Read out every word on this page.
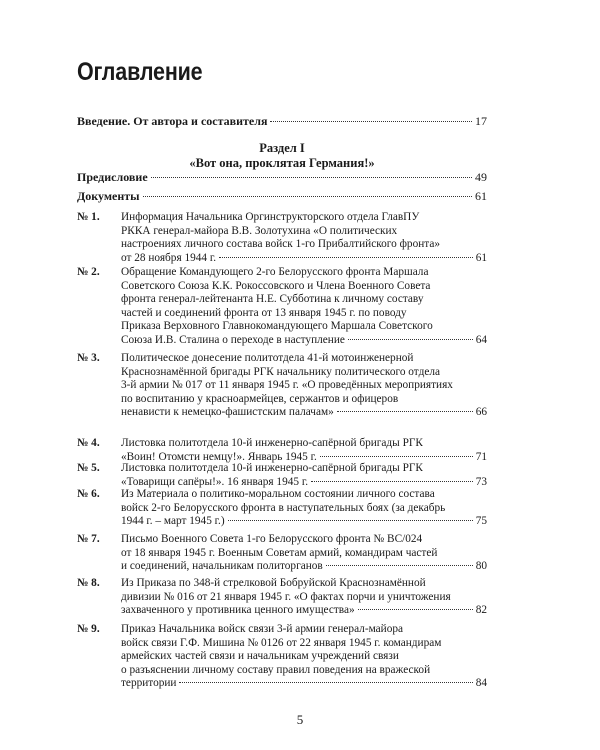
Оглавление
Введение. От автора и составителя	17
Раздел I
«Вот она, проклятая Германия!»
Предисловие	49
Документы	61
№ 1. Информация Начальника Оргинструкторского отдела ГлавПУ
РККА генерал-майора В.В. Золотухина «О политических
настроениях личного состава войск 1-го Прибалтийского фронта»
от 28 ноября 1944 г.	61
№ 2. Обращение Командующего 2-го Белорусского фронта Маршала
Советского Союза К.К. Рокоссовского и Члена Военного Совета
фронта генерал-лейтенанта Н.Е. Субботина к личному составу
частей и соединений фронта от 13 января 1945 г. по поводу
Приказа Верховного Главнокомандующего Маршала Советского
Союза И.В. Сталина о переходе в наступление	64
№ 3. Политическое донесение политотдела 41-й мотоинженерной
Краснознамённой бригады РГК начальнику политического отдела
3-й армии № 017 от 11 января 1945 г. «О проведённых мероприятиях
по воспитанию у красноармейцев, сержантов и офицеров
ненависти к немецко-фашистским палачам»	66
№ 4. Листовка политотдела 10-й инженерно-сапёрной бригады РГК
«Воин! Отомсти немцу!». Январь 1945 г.	71
№ 5. Листовка политотдела 10-й инженерно-сапёрной бригады РГК
«Товарищи сапёры!». 16 января 1945 г.	73
№ 6. Из Материала о политико-моральном состоянии личного состава
войск 2-го Белорусского фронта в наступательных боях (за декабрь
1944 г. – март 1945 г.)	75
№ 7. Письмо Военного Совета 1-го Белорусского фронта № ВС/024
от 18 января 1945 г. Военным Советам армий, командирам частей
и соединений, начальникам политорганов	80
№ 8. Из Приказа по 348-й стрелковой Бобруйской Краснознамённой
дивизии № 016 от 21 января 1945 г. «О фактах порчи и уничтожения
захваченного у противника ценного имущества»	82
№ 9. Приказ Начальника войск связи 3-й армии генерал-майора
войск связи Г.Ф. Мишина № 0126 от 22 января 1945 г. командирам
армейских частей связи и начальникам учреждений связи
о разъяснении личному составу правил поведения на вражеской
территории	84
5
